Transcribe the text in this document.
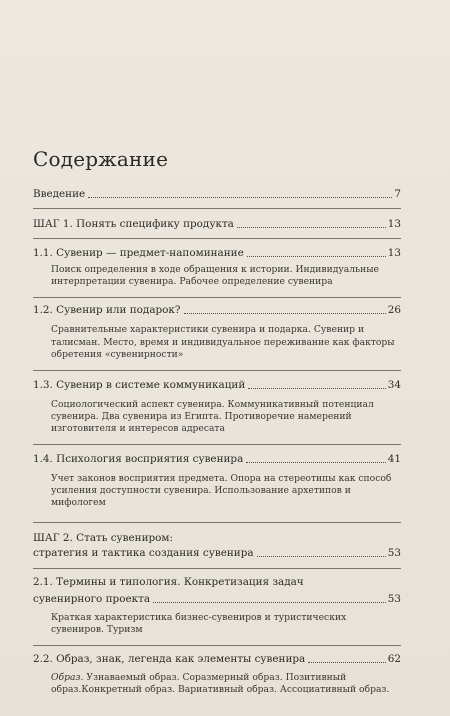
Содержание
Введение	7
ШАГ 1. Понять специфику продукта	13
1.1. Сувенир — предмет-напоминание	13
Поиск определения в ходе обращения к истории. Индивидуальные интерпретации сувенира. Рабочее определение сувенира
1.2. Сувенир или подарок?	26
Сравнительные характеристики сувенира и подарка. Сувенир и талисман. Место, время и индивидуальное переживание как факторы обретения «сувенирности»
1.3. Сувенир в системе коммуникаций	34
Социологический аспект сувенира. Коммуникативный потенциал сувенира. Два сувенира из Египта. Противоречие намерений изготовителя и интересов адресата
1.4. Психология восприятия сувенира	41
Учет законов восприятия предмета. Опора на стереотипы как способ усиления доступности сувенира. Использование архетипов и мифологем
ШАГ 2. Стать сувениром:
стратегия и тактика создания сувенира	53
2.1. Термины и типология. Конкретизация задач
сувенирного проекта	53
Краткая характеристика бизнес-сувениров и туристических сувениров. Туризм
2.2. Образ, знак, легенда как элементы сувенира	62
Образ. Узнаваемый образ. Соразмерный образ. Позитивный образ.Конкретный образ. Вариативный образ. Ассоциативный образ.
